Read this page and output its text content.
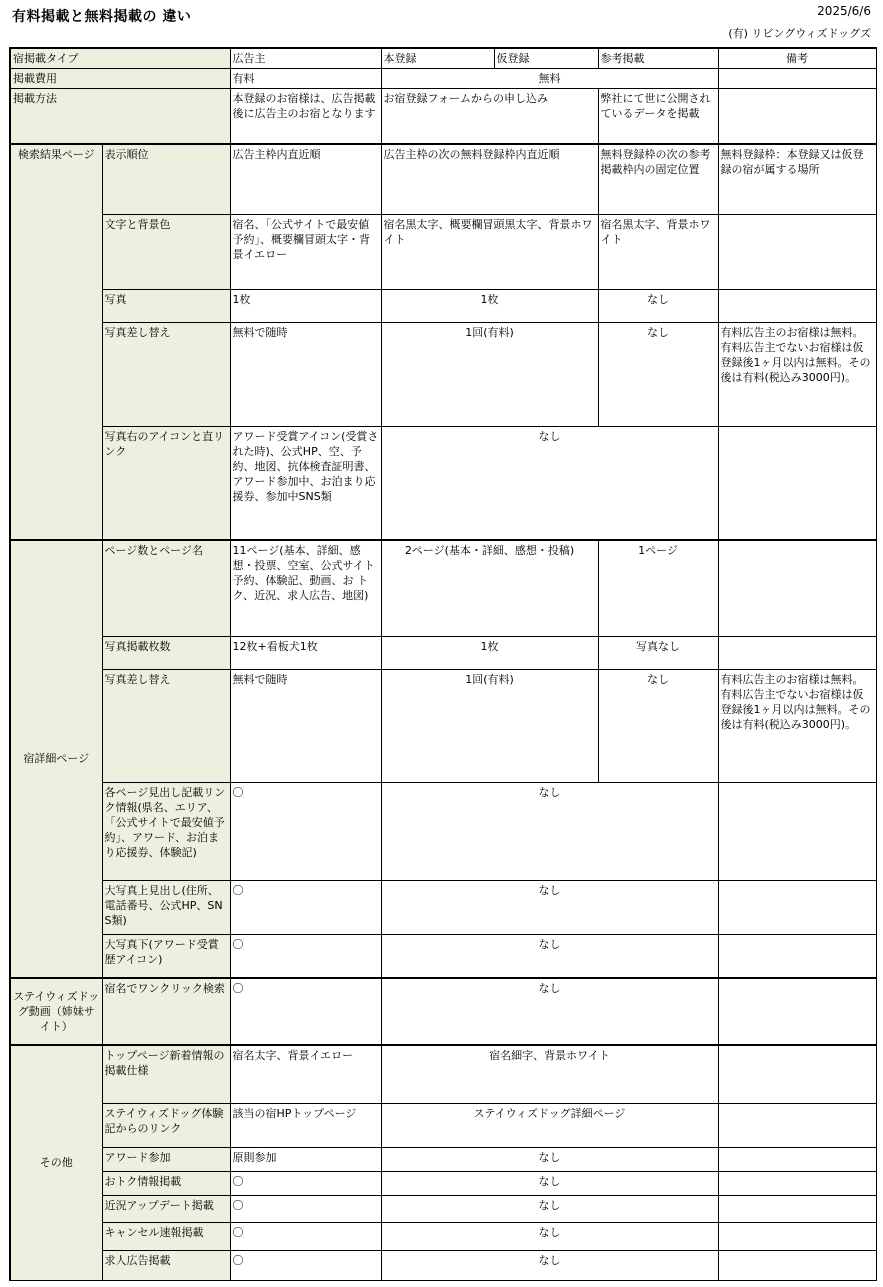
有料掲載と無料掲載の 違い	2025/6/6
(有) リビングウィズドッグズ
宿掲載タイプ		広告主	本登録	仮登録	参考掲載	備考
掲載費用		有料	無料			
掲載方法		本登録のお宿様は、広告掲載後に広告主のお宿となります	お宿登録フォームからの申し込み		弊社にて世に公開されているデータを掲載	
検索結果ページ	表示順位	広告主枠内直近順	広告主枠の次の無料登録枠内直近順		無料登録枠の次の参考掲載枠内の固定位置	無料登録枠：本登録又は仮登録の宿が属する場所
	文字と背景色	宿名、「公式サイトで最安値予約」、概要欄冒頭太字・背景イエロー	宿名黒太字、概要欄冒頭黒太字、背景ホワイト		宿名黒太字、背景ホワイト	
	写真	1枚	1枚		なし	
	写真差し替え	無料で随時	1回(有料)		なし	有料広告主のお宿様は無料。有料広告主でないお宿様は仮登録後1ヶ月以内は無料。その後は有料(税込み3000円)。
	写真右のアイコンと直リンク	アワード受賞アイコン(受賞された時)、公式HP、空、予約、地図、抗体検査証明書、アワード参加中、お泊まり応援券、参加中SNS類	なし			
宿詳細ページ	ページ数とページ名	11ページ(基本、詳細、感想・投票、空室、公式サイト予約、体験記、動画、お トク、近況、求人広告、地図)	2ページ(基本・詳細、感想・投稿)		1ページ	
	写真掲載枚数	12枚+看板犬1枚	1枚		写真なし	
	写真差し替え	無料で随時	1回(有料)		なし	有料広告主のお宿様は無料。有料広告主でないお宿様は仮登録後1ヶ月以内は無料。その後は有料(税込み3000円)。
	各ページ見出し記載リンク情報(県名、エリア、「公式サイトで最安値予約」、アワード、お泊まり応援券、体験記)	〇	なし			
	大写真上見出し(住所、電話番号、公式HP、SNS類)	〇	なし			
	大写真下(アワード受賞歴アイコン)	〇	なし			
ステイウィズドッグ動画（姉妹サイト）	宿名でワンクリック検索	〇	なし			
その他	トップページ新着情報の掲載仕様	宿名太字、背景イエロー	宿名細字、背景ホワイト			
	ステイウィズドッグ体験記からのリンク	該当の宿HPトップページ	ステイウィズドッグ詳細ページ			
	アワード参加	原則参加	なし			
	おトク情報掲載	〇	なし			
	近況アップデート掲載	〇	なし			
	キャンセル速報掲載	〇	なし			
	求人広告掲載	〇	なし			
